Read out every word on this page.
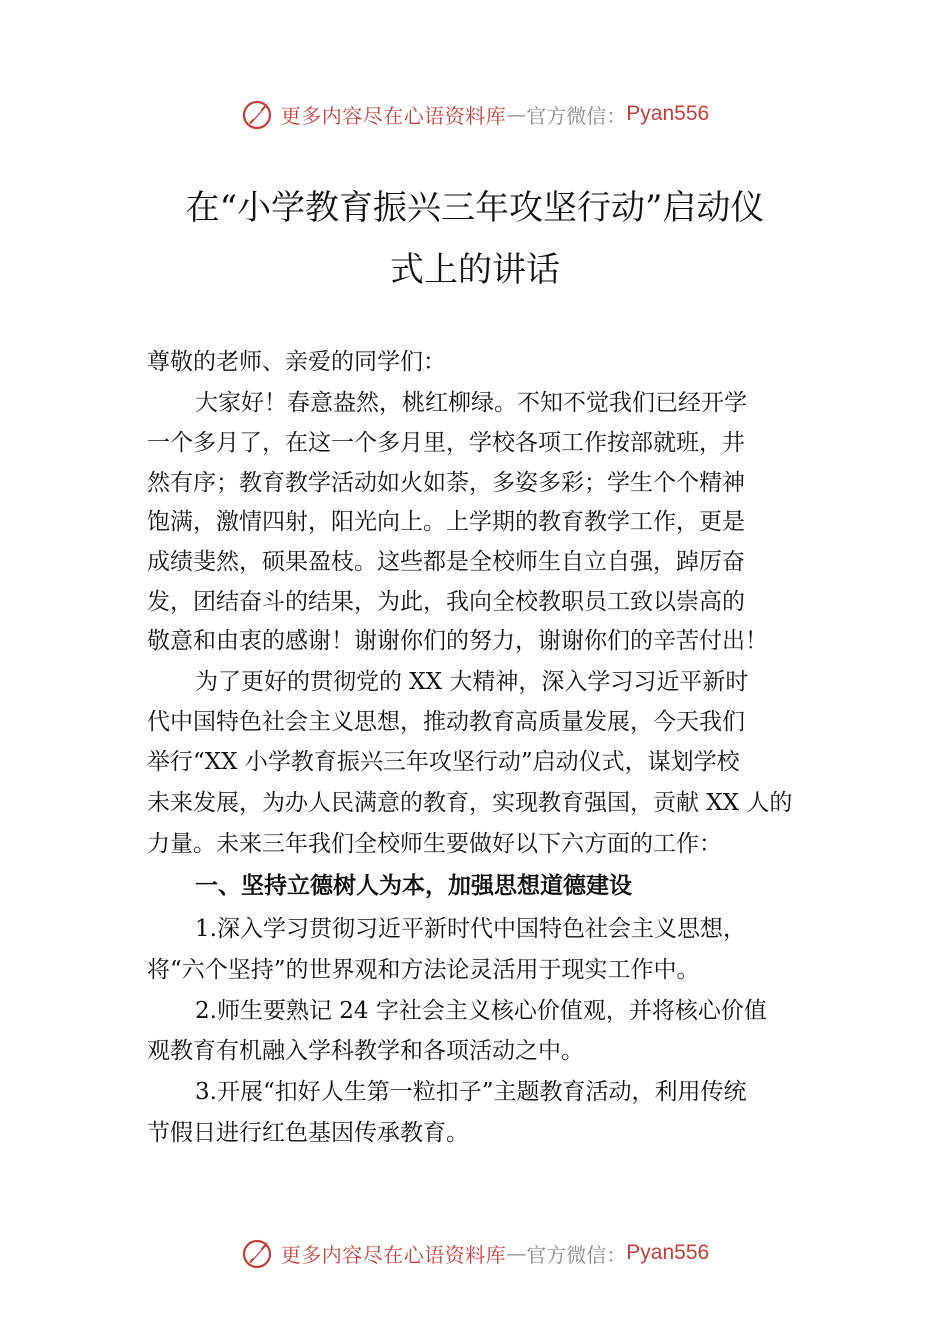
更多内容尽在心语资料库 — 官方微信： Pyan556
在“小学教育振兴三年攻坚行动”启动仪
式上的讲话
尊敬的老师、亲爱的同学们：
大家好！春意盎然，桃红柳绿。不知不觉我们已经开学
一个多月了，在这一个多月里，学校各项工作按部就班，井
然有序；教育教学活动如火如荼，多姿多彩；学生个个精神
饱满，激情四射，阳光向上。上学期的教育教学工作，更是
成绩斐然，硕果盈枝。这些都是全校师生自立自强，踔厉奋
发，团结奋斗的结果，为此，我向全校教职员工致以崇高的
敬意和由衷的感谢！谢谢你们的努力，谢谢你们的辛苦付出！
为了更好的贯彻党的 XX 大精神，深入学习习近平新时
代中国特色社会主义思想，推动教育高质量发展，今天我们
举行“XX 小学教育振兴三年攻坚行动”启动仪式，谋划学校
未来发展，为办人民满意的教育，实现教育强国，贡献 XX 人的
力量。未来三年我们全校师生要做好以下六方面的工作：
一、坚持立德树人为本，加强思想道德建设
1.深入学习贯彻习近平新时代中国特色社会主义思想，
将“六个坚持”的世界观和方法论灵活用于现实工作中。
2.师生要熟记 24 字社会主义核心价值观，并将核心价值
观教育有机融入学科教学和各项活动之中。
3.开展“扣好人生第一粒扣子”主题教育活动，利用传统
节假日进行红色基因传承教育。
更多内容尽在心语资料库 — 官方微信： Pyan556
